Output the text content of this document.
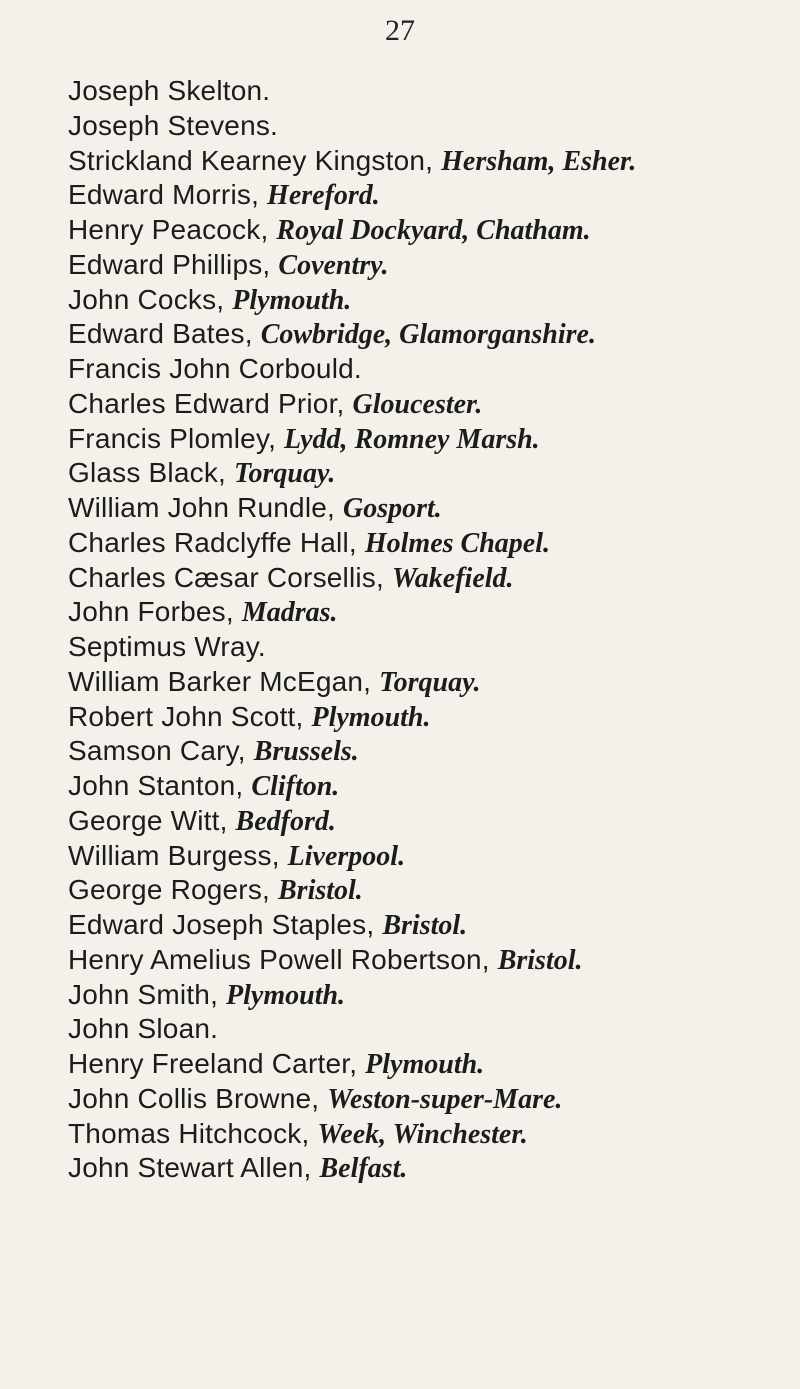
27
Joseph Skelton.
Joseph Stevens.
Strickland Kearney Kingston, Hersham, Esher.
Edward Morris, Hereford.
Henry Peacock, Royal Dockyard, Chatham.
Edward Phillips, Coventry.
John Cocks, Plymouth.
Edward Bates, Cowbridge, Glamorganshire.
Francis John Corbould.
Charles Edward Prior, Gloucester.
Francis Plomley, Lydd, Romney Marsh.
Glass Black, Torquay.
William John Rundle, Gosport.
Charles Radclyffe Hall, Holmes Chapel.
Charles Cæsar Corsellis, Wakefield.
John Forbes, Madras.
Septimus Wray.
William Barker McEgan, Torquay.
Robert John Scott, Plymouth.
Samson Cary, Brussels.
John Stanton, Clifton.
George Witt, Bedford.
William Burgess, Liverpool.
George Rogers, Bristol.
Edward Joseph Staples, Bristol.
Henry Amelius Powell Robertson, Bristol.
John Smith, Plymouth.
John Sloan.
Henry Freeland Carter, Plymouth.
John Collis Browne, Weston-super-Mare.
Thomas Hitchcock, Week, Winchester.
John Stewart Allen, Belfast.
